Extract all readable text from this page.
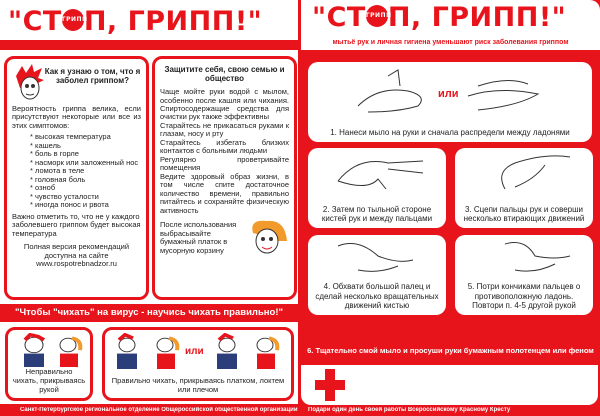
"СТГРИППП, ГРИПП!"
Как я узнаю о том, что я заболел гриппом?
Вероятность гриппа велика, если присутствуют некоторые или все из этих симптомов:
* высокая температура
* кашель
* боль в горле
* насморк или заложенный нос
* ломота в теле
* головная боль
* озноб
* чувство усталости
* иногда понос и рвота
Важно отметить то, что не у каждого заболевшего гриппом будет высокая температура
Полная версия рекомендаций доступна на сайте www.rospotrebnadzor.ru
Защитите себя, свою семью и общество
Чаще мойте руки водой с мылом, особенно после кашля или чихания. Спиртосодержащие средства для очистки рук также эффективны
Старайтесь не прикасаться руками к глазам, носу и рту
Старайтесь избегать близких контактов с больными людьми
Регулярно проветривайте помещения
Ведите здоровый образ жизни, в том числе спите достаточное количество времени, правильно питайтесь и сохраняйте физическую активность
После использования выбрасывайте бумажный платок в мусорную корзину
"Чтобы "чихать" на вирус - научись чихать правильно!"
Неправильно чихать, прикрываясь рукой
или
Правильно чихать, прикрываясь платком, локтем или плечом
Санкт-Петербургское региональное отделение Общероссийской общественной организации
"СТГРИППП, ГРИПП!"
мытьё рук и личная гигиена уменьшают риск заболевания гриппом
или
1. Нанеси мыло на руки и сначала распредели между ладонями
2. Затем по тыльной стороне кистей рук и между пальцами
3. Сцепи пальцы рук и соверши несколько втирающих движений
4. Обхвати большой палец и сделай несколько вращательных движений кистью
5. Потри кончиками пальцев о противоположную ладонь. Повтори п. 4-5 другой рукой
6. Тщательно смой мыло и просуши руки бумажным полотенцем или феном
Подари один день своей работы Всероссийскому Красному Кресту
